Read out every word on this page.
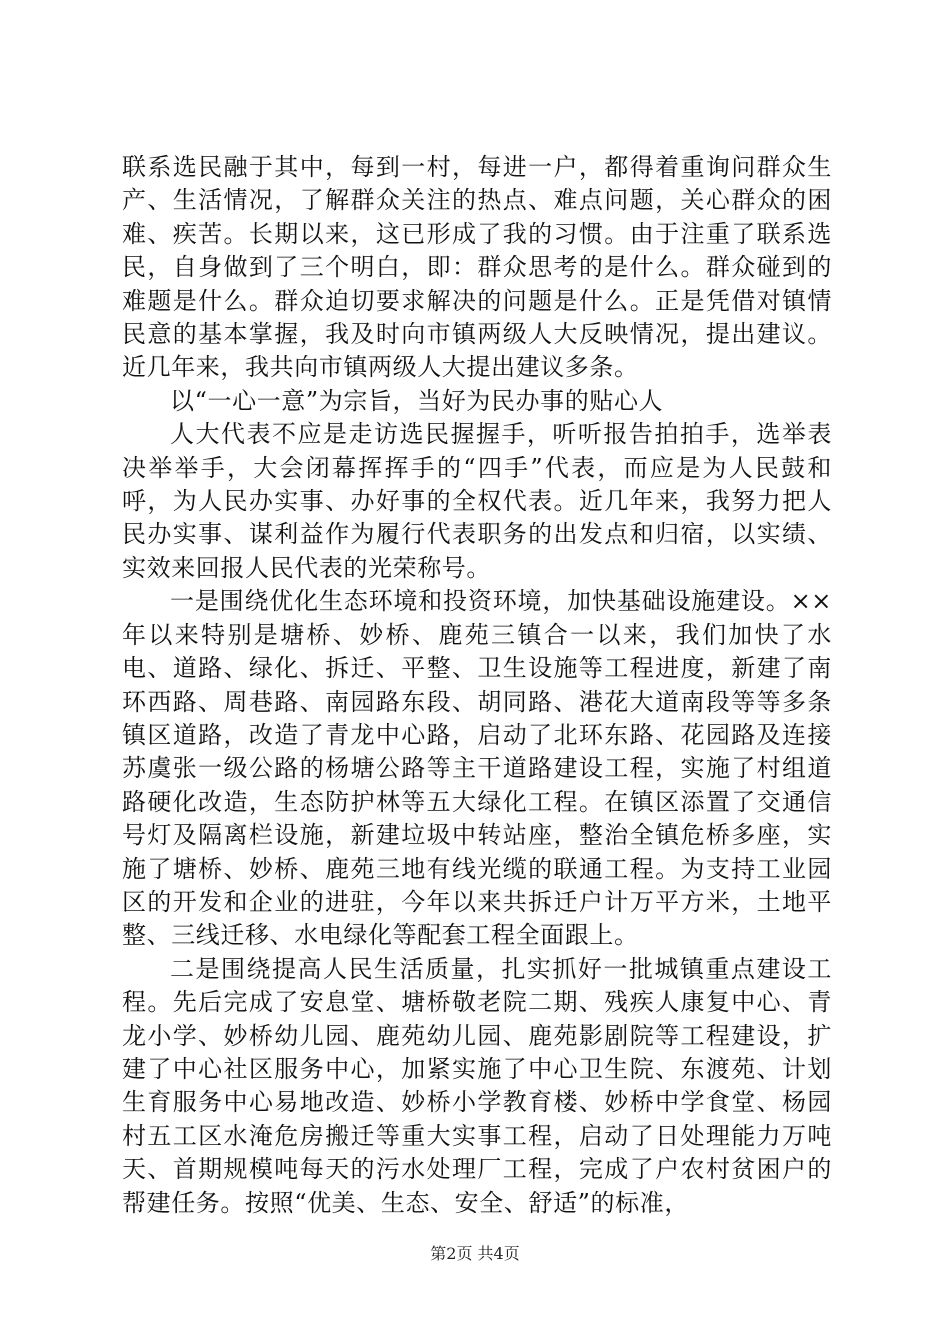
联系选民融于其中，每到一村，每进一户，都得着重询问群众生产、生活情况，了解群众关注的热点、难点问题，关心群众的困难、疾苦。长期以来，这已形成了我的习惯。由于注重了联系选民，自身做到了三个明白，即：群众思考的是什么。群众碰到的难题是什么。群众迫切要求解决的问题是什么。正是凭借对镇情民意的基本掌握，我及时向市镇两级人大反映情况，提出建议。近几年来，我共向市镇两级人大提出建议多条。

以“一心一意”为宗旨，当好为民办事的贴心人

人大代表不应是走访选民握握手，听听报告拍拍手，选举表决举举手，大会闭幕挥挥手的“四手”代表，而应是为人民鼓和呼，为人民办实事、办好事的全权代表。近几年来，我努力把人民办实事、谋利益作为履行代表职务的出发点和归宿，以实绩、实效来回报人民代表的光荣称号。

一是围绕优化生态环境和投资环境，加快基础设施建设。××年以来特别是塘桥、妙桥、鹿苑三镇合一以来，我们加快了水电、道路、绿化、拆迁、平整、卫生设施等工程进度，新建了南环西路、周巷路、南园路东段、胡同路、港花大道南段等等多条镇区道路，改造了青龙中心路，启动了北环东路、花园路及连接苏虞张一级公路的杨塘公路等主干道路建设工程，实施了村组道路硬化改造，生态防护林等五大绿化工程。在镇区添置了交通信号灯及隔离栏设施，新建垃圾中转站座，整治全镇危桥多座，实施了塘桥、妙桥、鹿苑三地有线光缆的联通工程。为支持工业园区的开发和企业的进驻，今年以来共拆迁户计万平方米，土地平整、三线迁移、水电绿化等配套工程全面跟上。

二是围绕提高人民生活质量，扎实抓好一批城镇重点建设工程。先后完成了安息堂、塘桥敬老院二期、残疾人康复中心、青龙小学、妙桥幼儿园、鹿苑幼儿园、鹿苑影剧院等工程建设，扩建了中心社区服务中心，加紧实施了中心卫生院、东渡苑、计划生育服务中心易地改造、妙桥小学教育楼、妙桥中学食堂、杨园村五工区水淹危房搬迁等重大实事工程，启动了日处理能力万吨天、首期规模吨每天的污水处理厂工程，完成了户农村贫困户的帮建任务。按照“优美、生态、安全、舒适”的标准，

第2页 共4页
